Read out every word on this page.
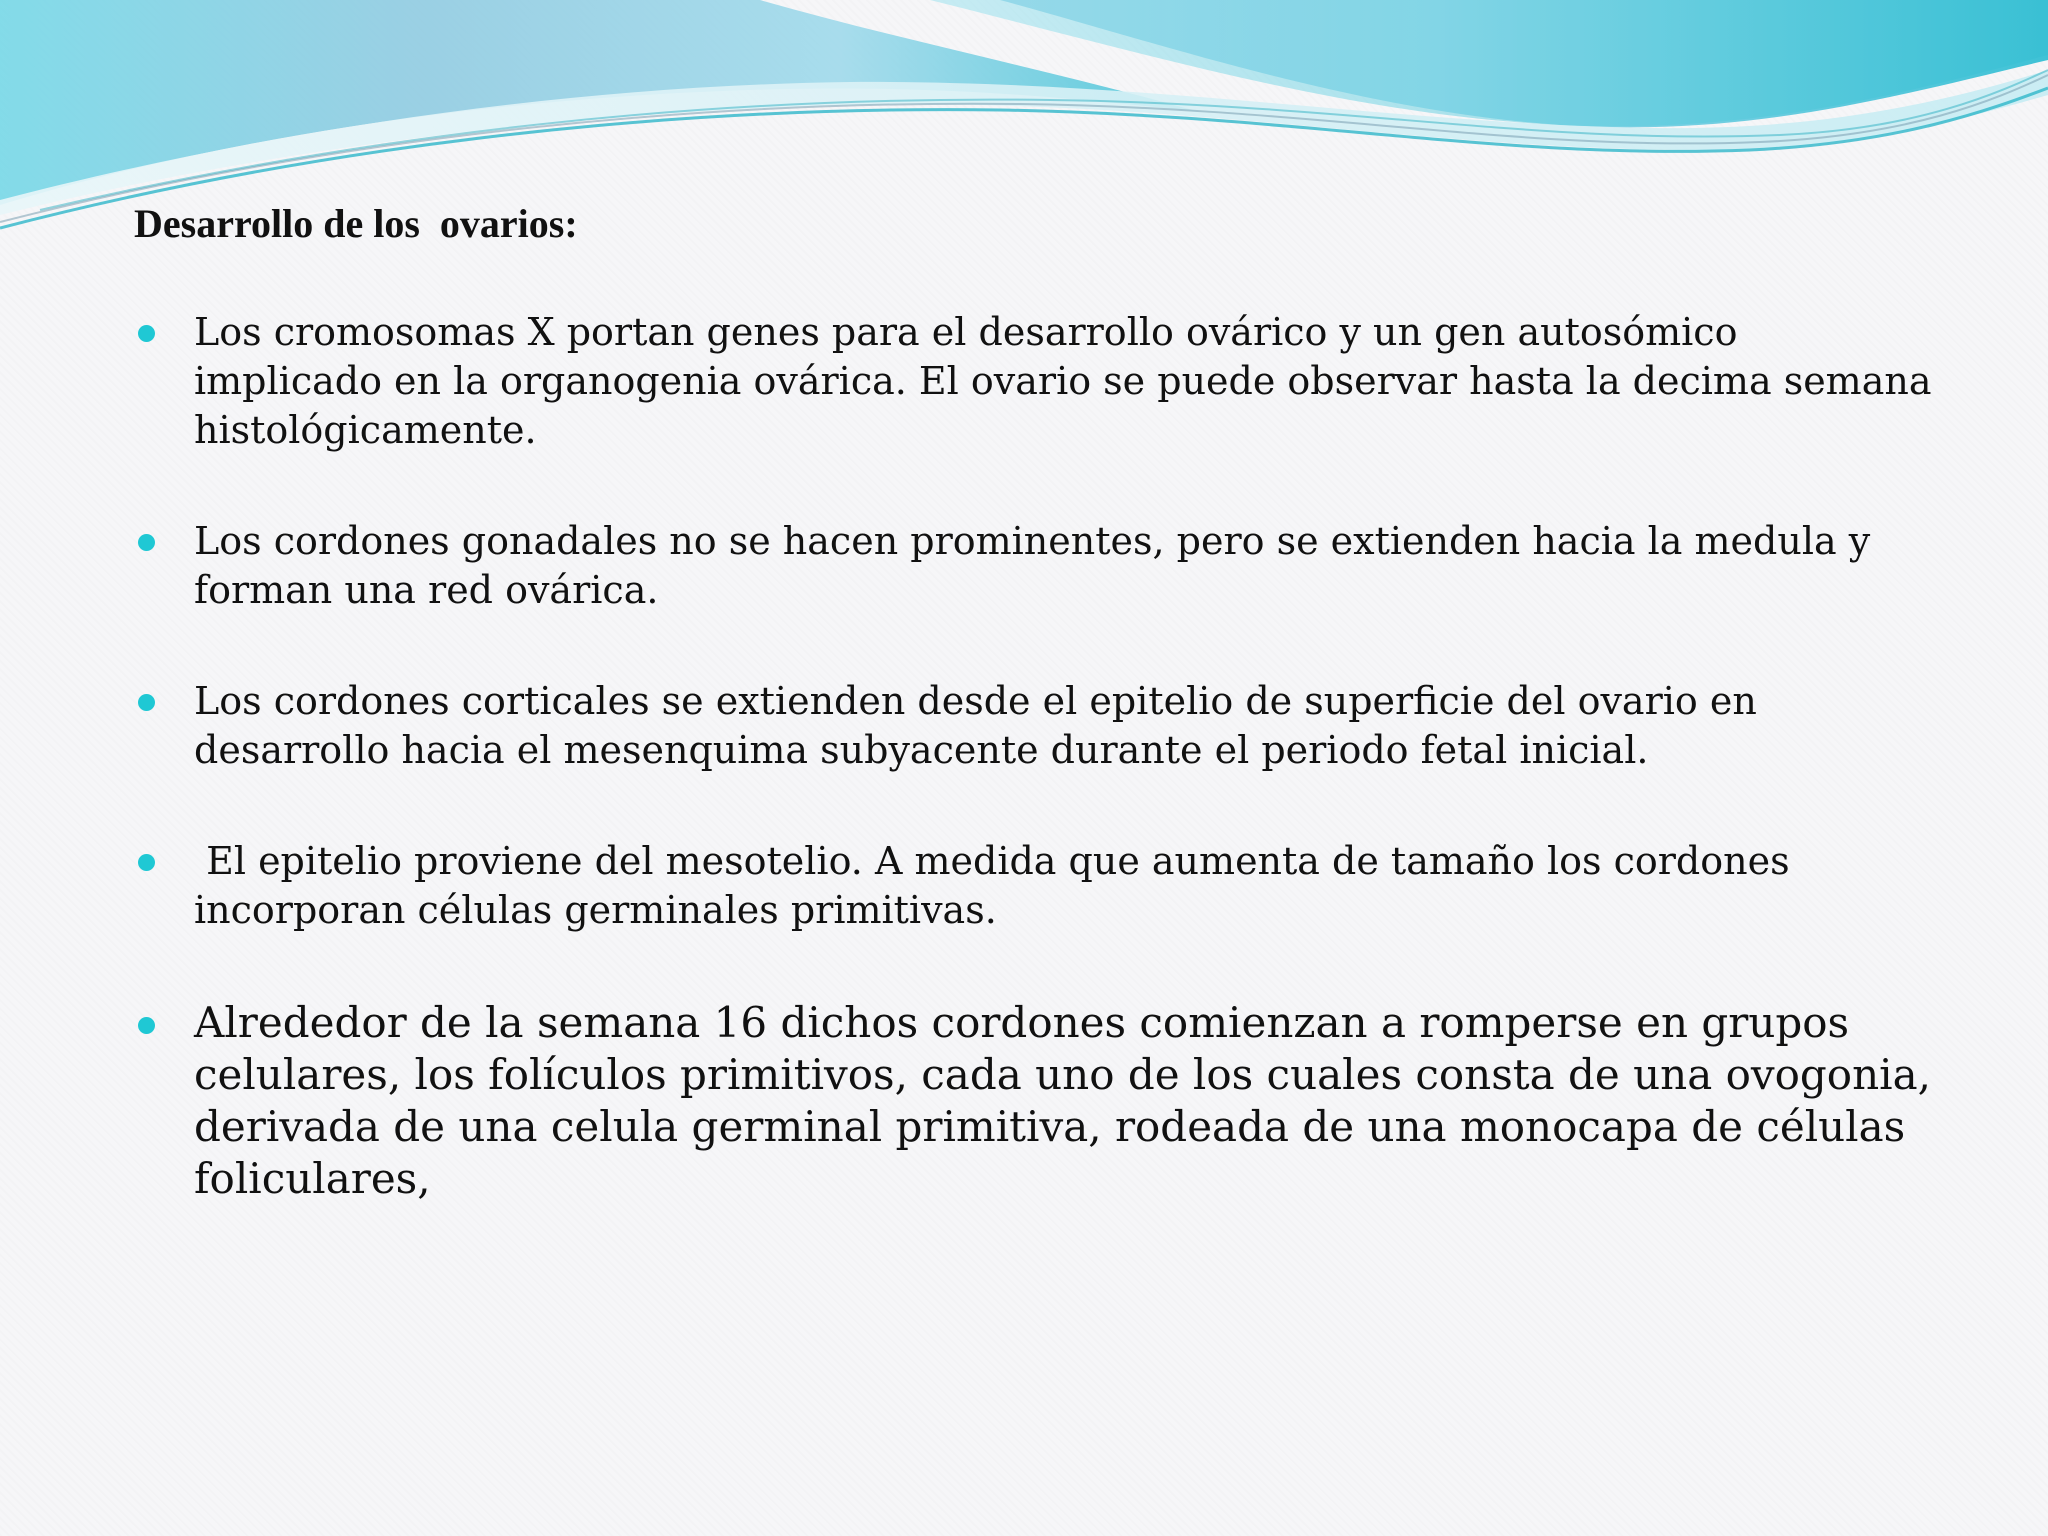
Desarrollo de los  ovarios:
Los cromosomas X portan genes para el desarrollo ovárico y un gen autosómico implicado en la organogenia ovárica. El ovario se puede observar hasta la decima semana histológicamente.
Los cordones gonadales no se hacen prominentes, pero se extienden hacia la medula y forman una red ovárica.
Los cordones corticales se extienden desde el epitelio de superficie del ovario en desarrollo hacia el mesenquima subyacente durante el periodo fetal inicial.
El epitelio proviene del mesotelio. A medida que aumenta de tamaño los cordones incorporan células germinales primitivas.
Alrededor de la semana 16 dichos cordones comienzan a romperse en grupos celulares, los folículos primitivos, cada uno de los cuales consta de una ovogonia, derivada de una celula germinal primitiva, rodeada de una monocapa de células foliculares,
